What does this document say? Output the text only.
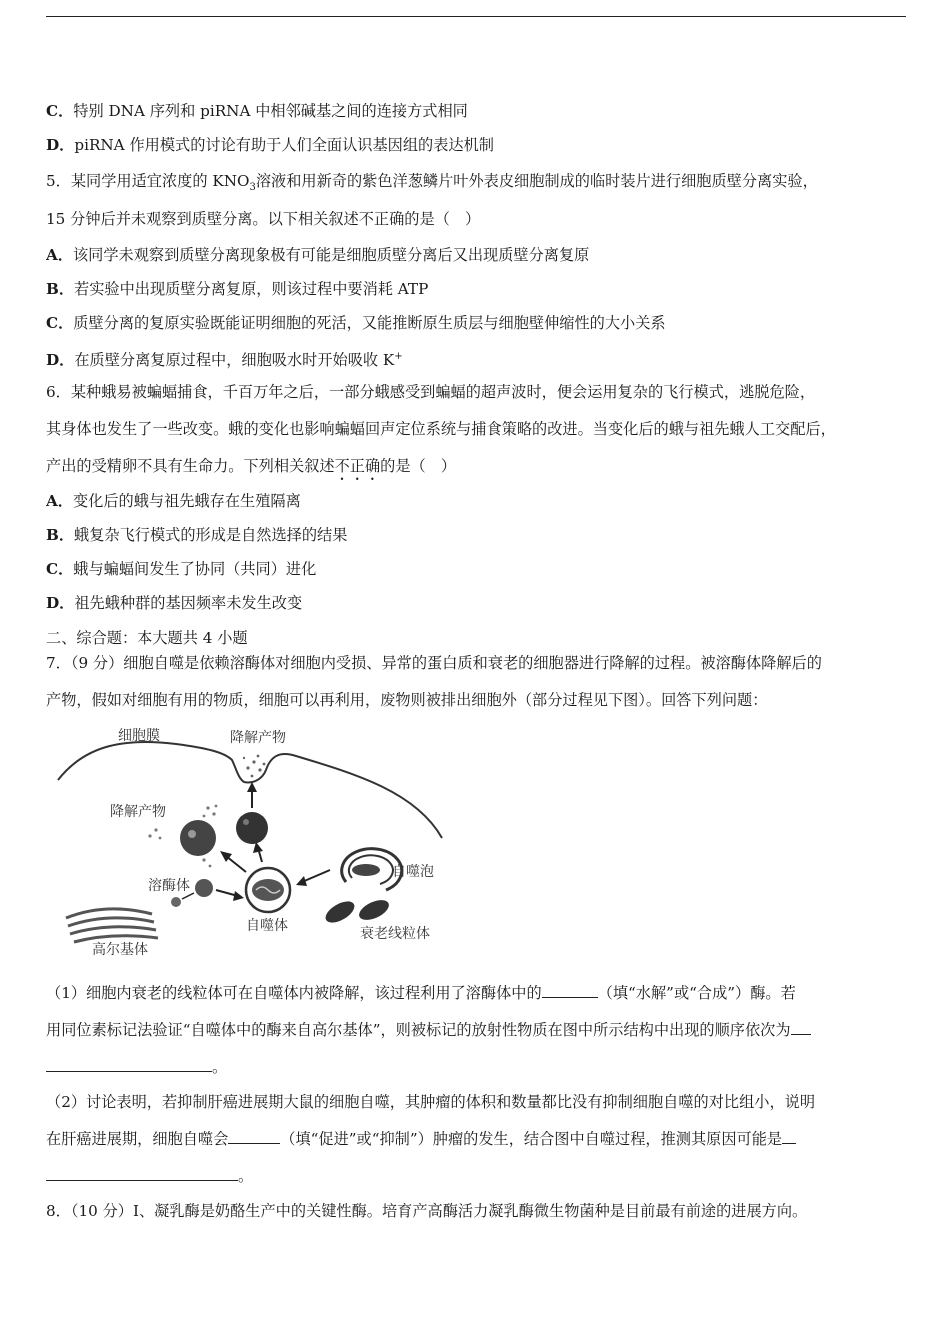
C．特别 DNA 序列和 piRNA 中相邻碱基之间的连接方式相同
D．piRNA 作用模式的讨论有助于人们全面认识基因组的表达机制
5．某同学用适宜浓度的 $KNO_3$溶液和用新奇的紫色洋葱鳞片叶外表皮细胞制成的临时装片进行细胞质壁分离实验，
15 分钟后并未观察到质壁分离。以下相关叙述不正确的是（　）
A．该同学未观察到质壁分离现象极有可能是细胞质壁分离后又出现质壁分离复原
B．若实验中出现质壁分离复原，则该过程中要消耗 ATP
C．质壁分离的复原实验既能证明细胞的死活，又能推断原生质层与细胞壁伸缩性的大小关系
D．在质壁分离复原过程中，细胞吸水时开始吸收 K+
6．某种蛾易被蝙蝠捕食，千百万年之后，一部分蛾感受到蝙蝠的超声波时，便会运用复杂的飞行模式，逃脱危险，
其身体也发生了一些改变。蛾的变化也影响蝙蝠回声定位系统与捕食策略的改进。当变化后的蛾与祖先蛾人工交配后，
产出的受精卵不具有生命力。下列相关叙述不正确的是（　）
A．变化后的蛾与祖先蛾存在生殖隔离
B．蛾复杂飞行模式的形成是自然选择的结果
C．蛾与蝙蝠间发生了协同（共同）进化
D．祖先蛾种群的基因频率未发生改变
二、综合题：本大题共 4 小题
7．（9 分）细胞自噬是依赖溶酶体对细胞内受损、异常的蛋白质和衰老的细胞器进行降解的过程。被溶酶体降解后的
产物，假如对细胞有用的物质，细胞可以再利用，废物则被排出细胞外（部分过程见下图）。回答下列问题：
细胞膜	降解产物
降解产物
溶酶体
高尔基体
自噬体
自噬泡
衰老线粒体
（1）细胞内衰老的线粒体可在自噬体内被降解，该过程利用了溶酶体中的	（填“水解”或“合成”）酶。若
用同位素标记法验证“自噬体中的酶来自高尔基体”，则被标记的放射性物质在图中所示结构中出现的顺序依次为
。
（2）讨论表明，若抑制肝癌进展期大鼠的细胞自噬，其肿瘤的体积和数量都比没有抑制细胞自噬的对比组小，说明
在肝癌进展期，细胞自噬会	（填“促进”或“抑制”）肿瘤的发生，结合图中自噬过程，推测其原因可能是
。
8．（10 分）Ⅰ、凝乳酶是奶酪生产中的关键性酶。培育产高酶活力凝乳酶微生物菌种是目前最有前途的进展方向。
